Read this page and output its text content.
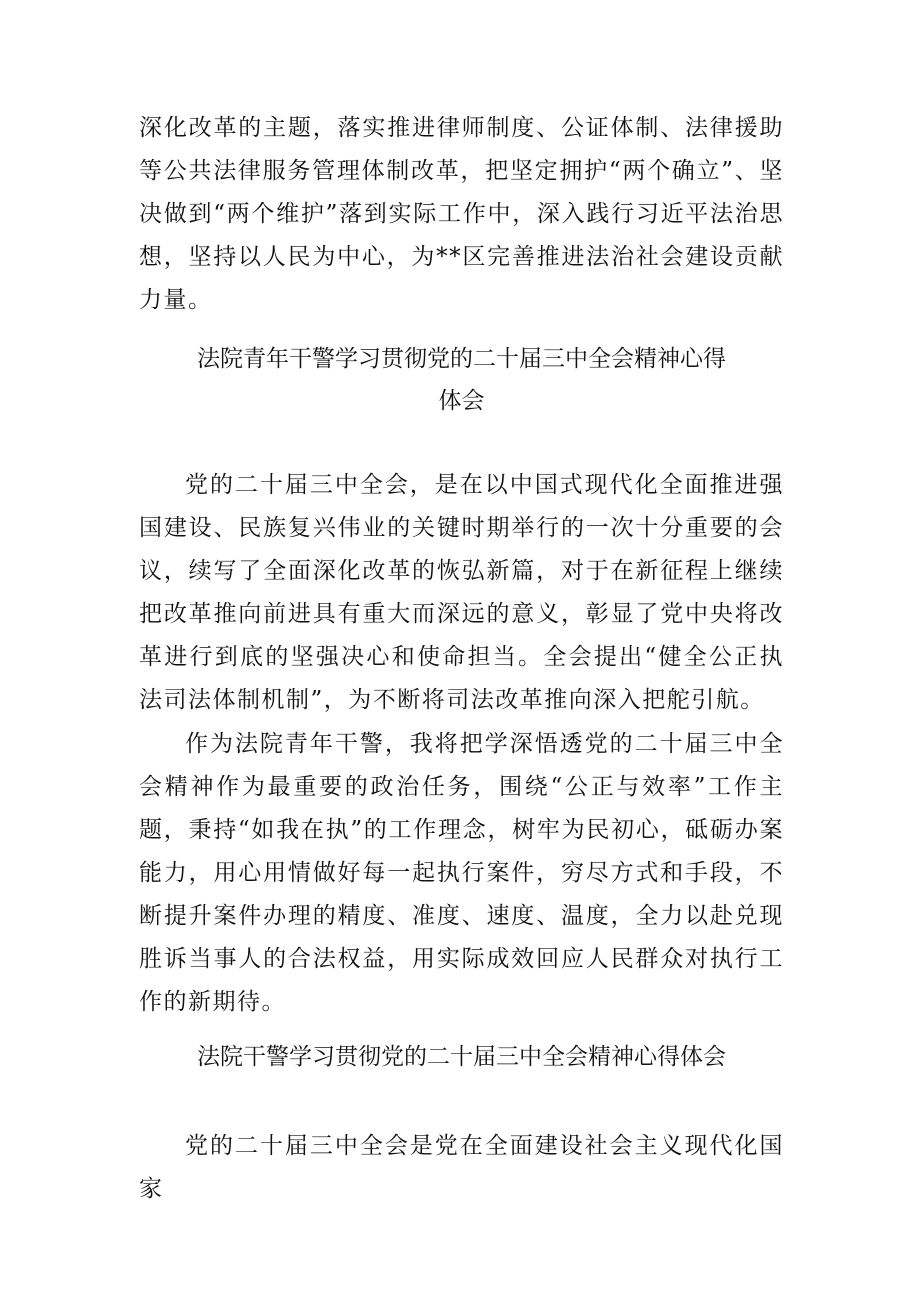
深化改革的主题，落实推进律师制度、公证体制、法律援助等公共法律服务管理体制改革，把坚定拥护“两个确立”、坚决做到“两个维护”落到实际工作中，深入践行习近平法治思想，坚持以人民为中心，为**区完善推进法治社会建设贡献力量。

法院青年干警学习贯彻党的二十届三中全会精神心得
体会

党的二十届三中全会，是在以中国式现代化全面推进强国建设、民族复兴伟业的关键时期举行的一次十分重要的会议，续写了全面深化改革的恢弘新篇，对于在新征程上继续把改革推向前进具有重大而深远的意义，彰显了党中央将改革进行到底的坚强决心和使命担当。全会提出“健全公正执法司法体制机制”，为不断将司法改革推向深入把舵引航。

作为法院青年干警，我将把学深悟透党的二十届三中全会精神作为最重要的政治任务，围绕“公正与效率”工作主题，秉持“如我在执”的工作理念，树牢为民初心，砥砺办案能力，用心用情做好每一起执行案件，穷尽方式和手段，不断提升案件办理的精度、准度、速度、温度，全力以赴兑现胜诉当事人的合法权益，用实际成效回应人民群众对执行工作的新期待。

法院干警学习贯彻党的二十届三中全会精神心得体会

党的二十届三中全会是党在全面建设社会主义现代化国家
